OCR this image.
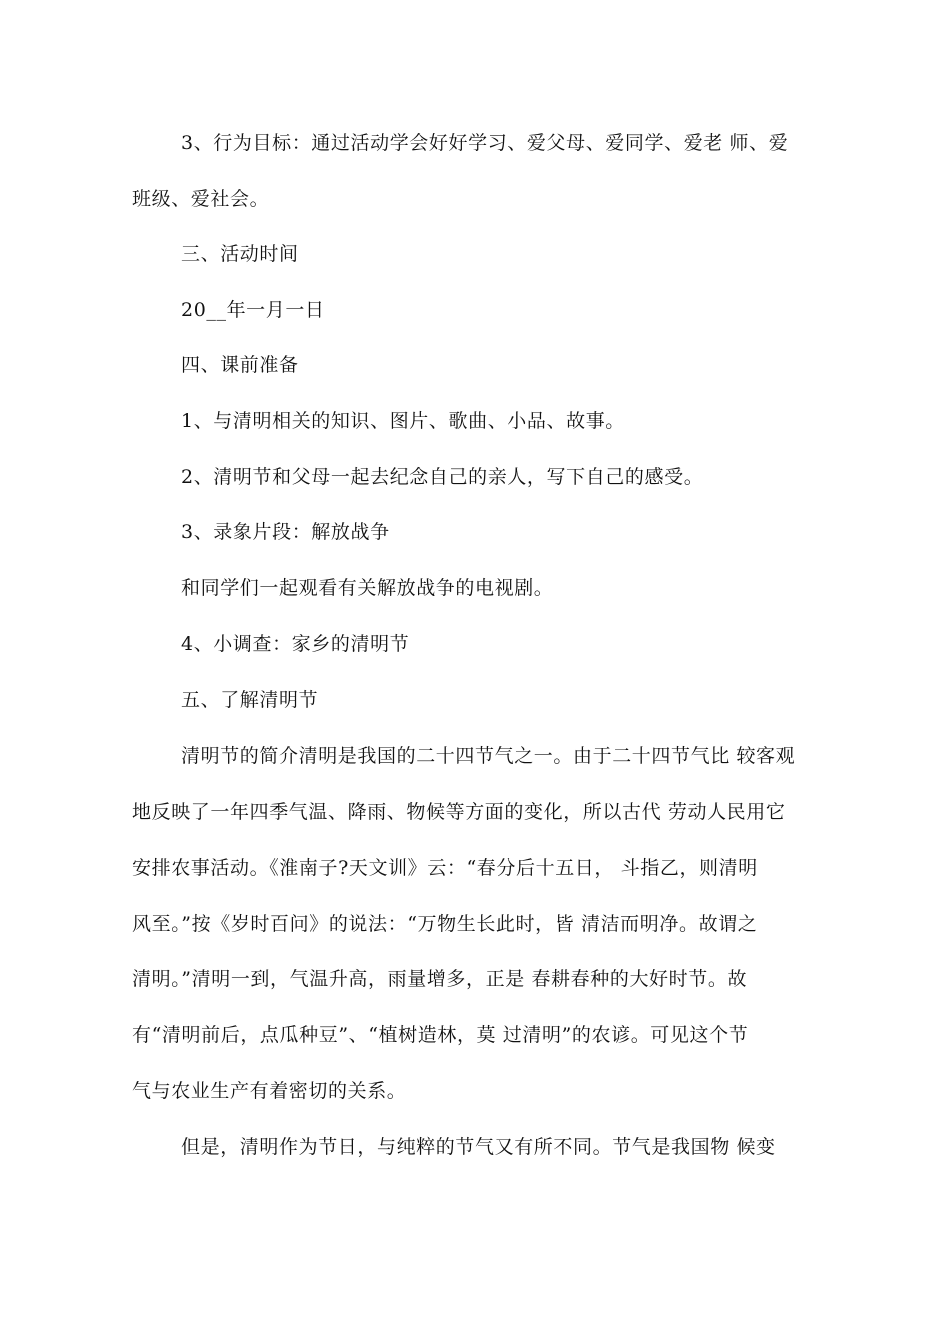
3、行为目标：通过活动学会好好学习、爱父母、爱同学、爱老 师、爱
班级、爱社会。
三、活动时间
20__年一月一日
四、课前准备
1、与清明相关的知识、图片、歌曲、小品、故事。
2、清明节和父母一起去纪念自己的亲人，写下自己的感受。
3、录象片段：解放战争
和同学们一起观看有关解放战争的电视剧。
4、小调查：家乡的清明节
五、了解清明节
清明节的简介清明是我国的二十四节气之一。由于二十四节气比 较客观
地反映了一年四季气温、降雨、物候等方面的变化，所以古代 劳动人民用它
安排农事活动。《淮南子?天文训》云：“春分后十五日， 斗指乙，则清明
风至。”按《岁时百问》的说法：“万物生长此时，皆 清洁而明净。故谓之
清明。”清明一到，气温升高，雨量增多，正是 春耕春种的大好时节。故
有“清明前后，点瓜种豆”、“植树造林，莫 过清明”的农谚。可见这个节
气与农业生产有着密切的关系。
但是，清明作为节日，与纯粹的节气又有所不同。节气是我国物 候变
